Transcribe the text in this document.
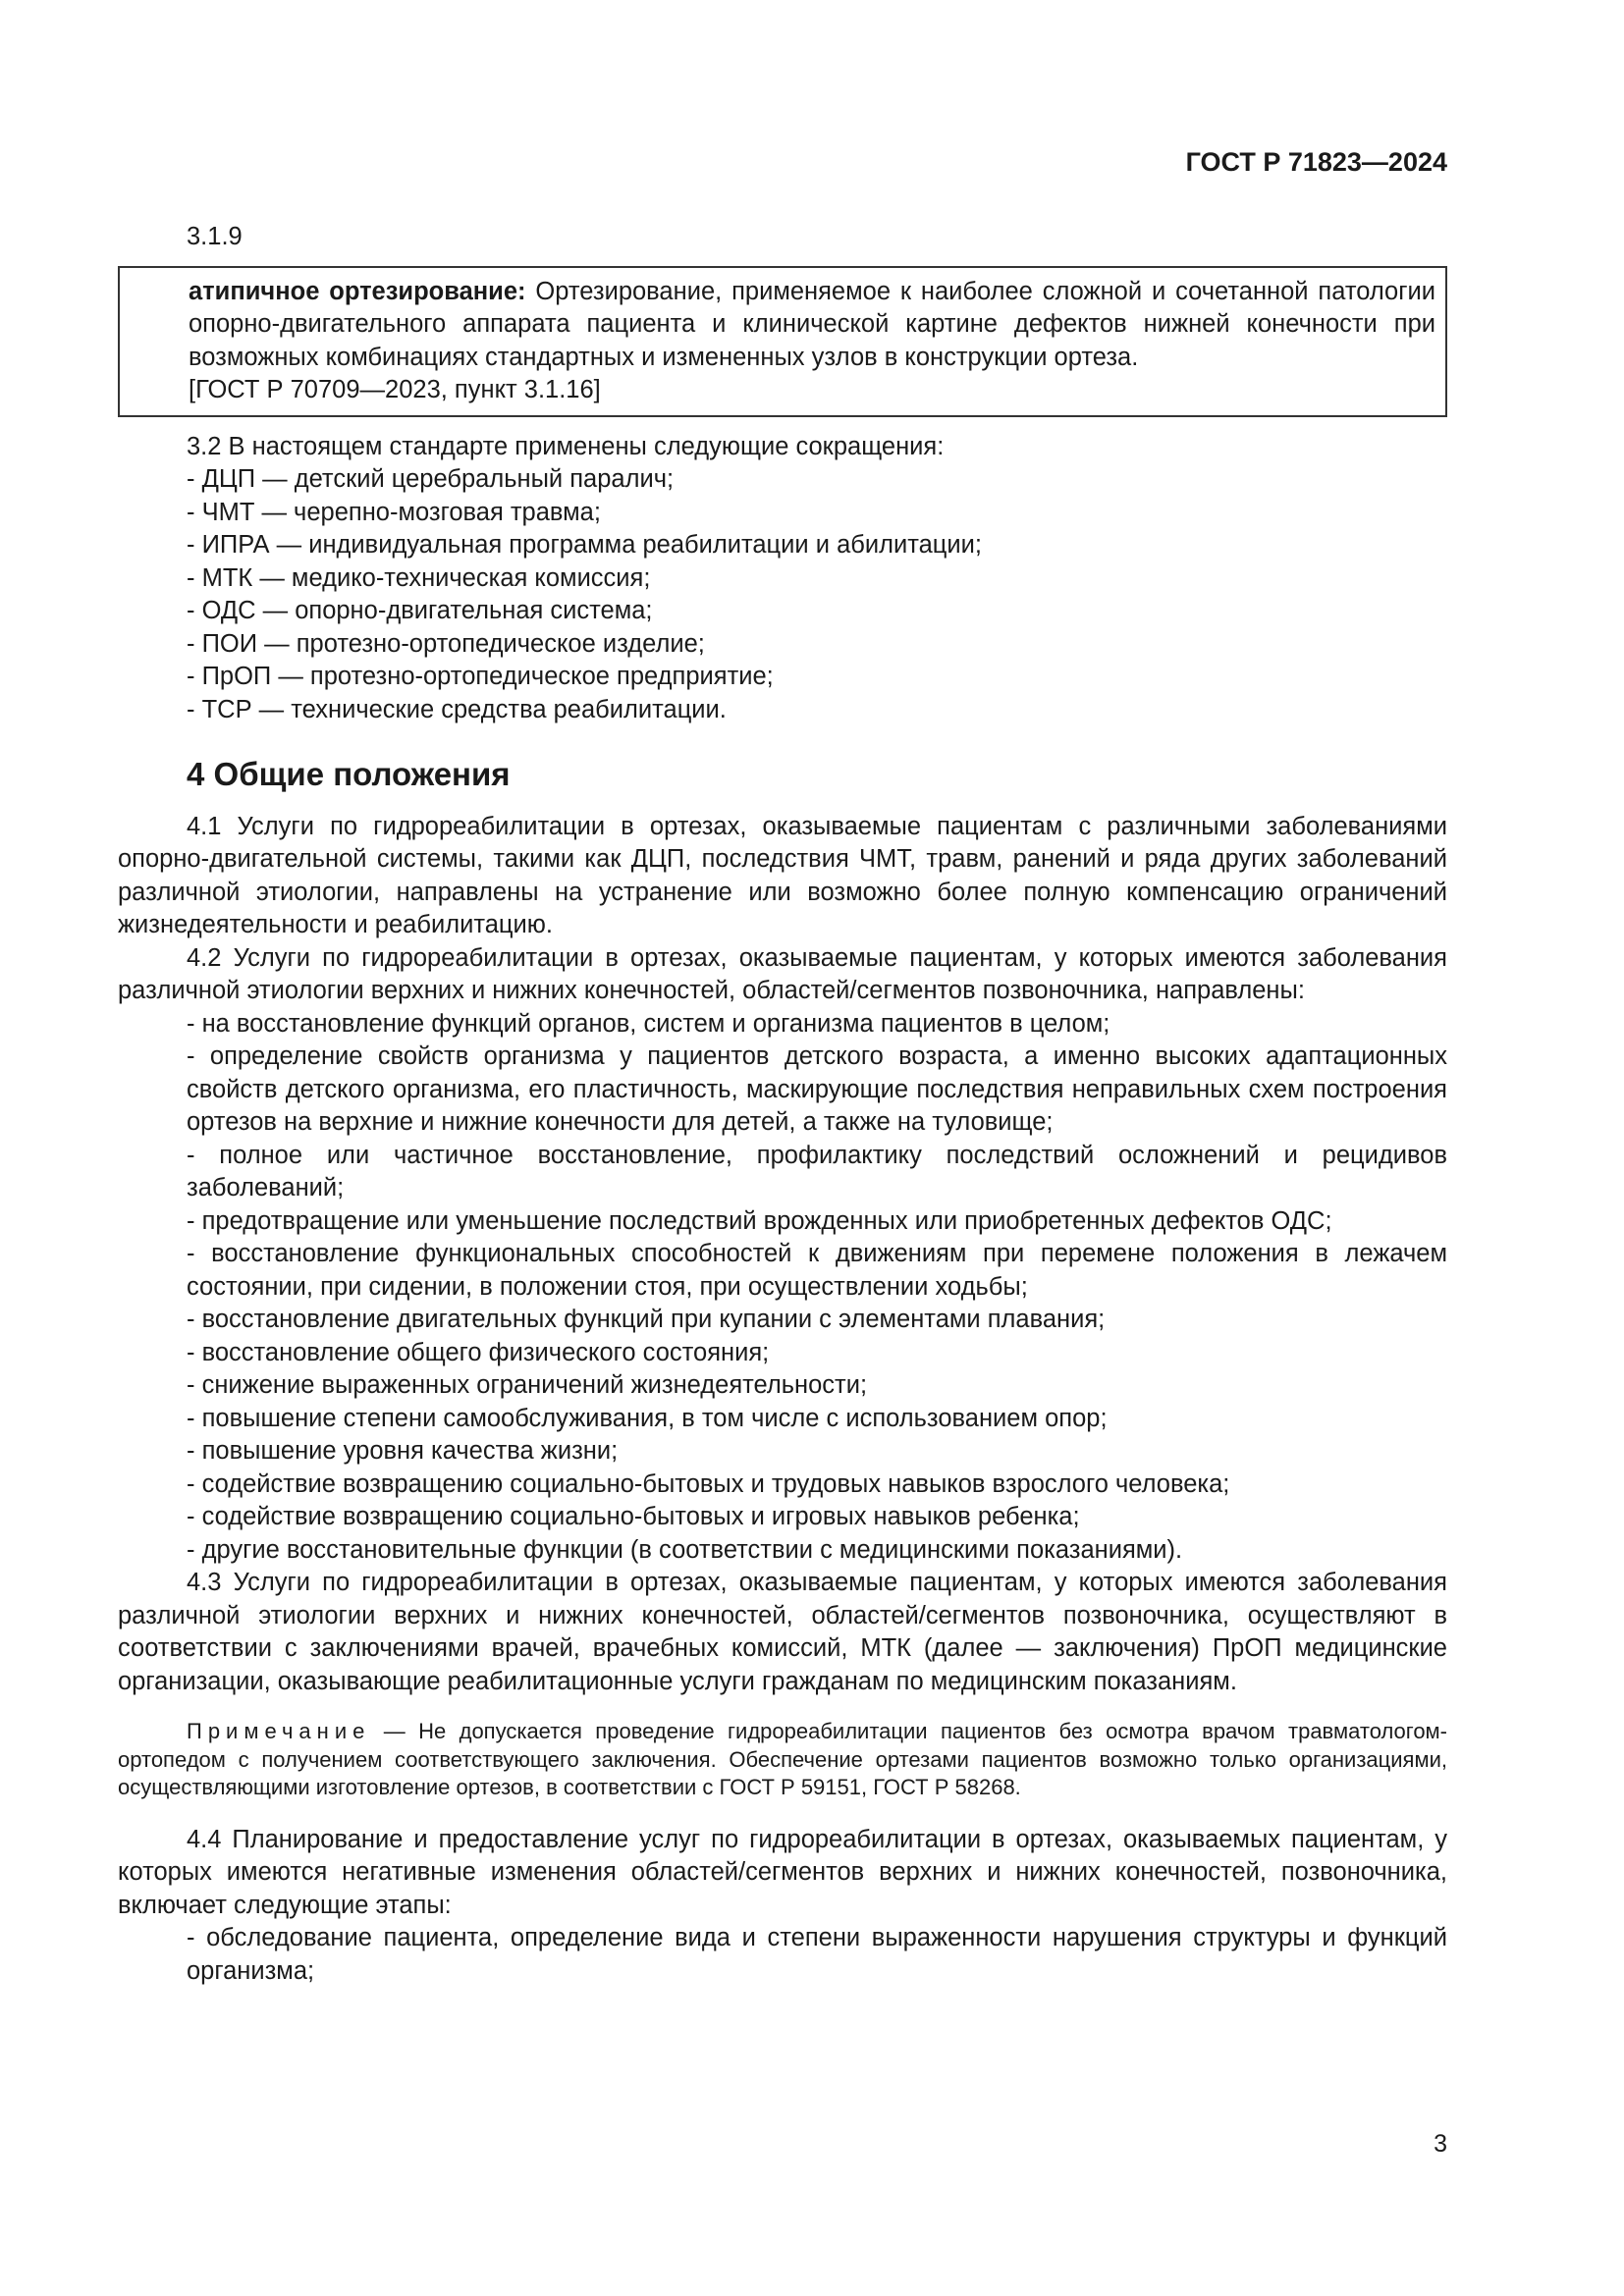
ГОСТ Р 71823—2024
3.1.9

атипичное ортезирование: Ортезирование, применяемое к наиболее сложной и сочетанной патологии опорно-двигательного аппарата пациента и клинической картине дефектов нижней конечности при возможных комбинациях стандартных и измененных узлов в конструкции ортеза.

[ГОСТ Р 70709—2023, пункт 3.1.16]

3.2 В настоящем стандарте применены следующие сокращения:

- ДЦП — детский церебральный паралич;
- ЧМТ — черепно-мозговая травма;
- ИПРА — индивидуальная программа реабилитации и абилитации;
- МТК — медико-техническая комиссия;
- ОДС — опорно-двигательная система;
- ПОИ — протезно-ортопедическое изделие;
- ПрОП — протезно-ортопедическое предприятие;
- ТСР — технические средства реабилитации.
4 Общие положения

4.1 Услуги по гидрореабилитации в ортезах, оказываемые пациентам с различными заболеваниями опорно-двигательной системы, такими как ДЦП, последствия ЧМТ, травм, ранений и ряда других заболеваний различной этиологии, направлены на устранение или возможно более полную компенсацию ограничений жизнедеятельности и реабилитацию.

4.2 Услуги по гидрореабилитации в ортезах, оказываемые пациентам, у которых имеются заболевания различной этиологии верхних и нижних конечностей, областей/сегментов позвоночника, направлены:

- на восстановление функций органов, систем и организма пациентов в целом;
- определение свойств организма у пациентов детского возраста, а именно высоких адаптационных свойств детского организма, его пластичность, маскирующие последствия неправильных схем построения ортезов на верхние и нижние конечности для детей, а также на туловище;
- полное или частичное восстановление, профилактику последствий осложнений и рецидивов заболеваний;
- предотвращение или уменьшение последствий врожденных или приобретенных дефектов ОДС;
- восстановление функциональных способностей к движениям при перемене положения в лежачем состоянии, при сидении, в положении стоя, при осуществлении ходьбы;
- восстановление двигательных функций при купании с элементами плавания;
- восстановление общего физического состояния;
- снижение выраженных ограничений жизнедеятельности;
- повышение степени самообслуживания, в том числе с использованием опор;
- повышение уровня качества жизни;
- содействие возвращению социально-бытовых и трудовых навыков взрослого человека;
- содействие возвращению социально-бытовых и игровых навыков ребенка;
- другие восстановительные функции (в соответствии с медицинскими показаниями).

4.3 Услуги по гидрореабилитации в ортезах, оказываемые пациентам, у которых имеются заболевания различной этиологии верхних и нижних конечностей, областей/сегментов позвоночника, осуществляют в соответствии с заключениями врачей, врачебных комиссий, МТК (далее — заключения) ПрОП медицинские организации, оказывающие реабилитационные услуги гражданам по медицинским показаниям.

Примечание — Не допускается проведение гидрореабилитации пациентов без осмотра врачом травматологом-ортопедом с получением соответствующего заключения. Обеспечение ортезами пациентов возможно только организациями, осуществляющими изготовление ортезов, в соответствии с ГОСТ Р 59151, ГОСТ Р 58268.

4.4 Планирование и предоставление услуг по гидрореабилитации в ортезах, оказываемых пациентам, у которых имеются негативные изменения областей/сегментов верхних и нижних конечностей, позвоночника, включает следующие этапы:

- обследование пациента, определение вида и степени выраженности нарушения структуры и функций организма;
3
